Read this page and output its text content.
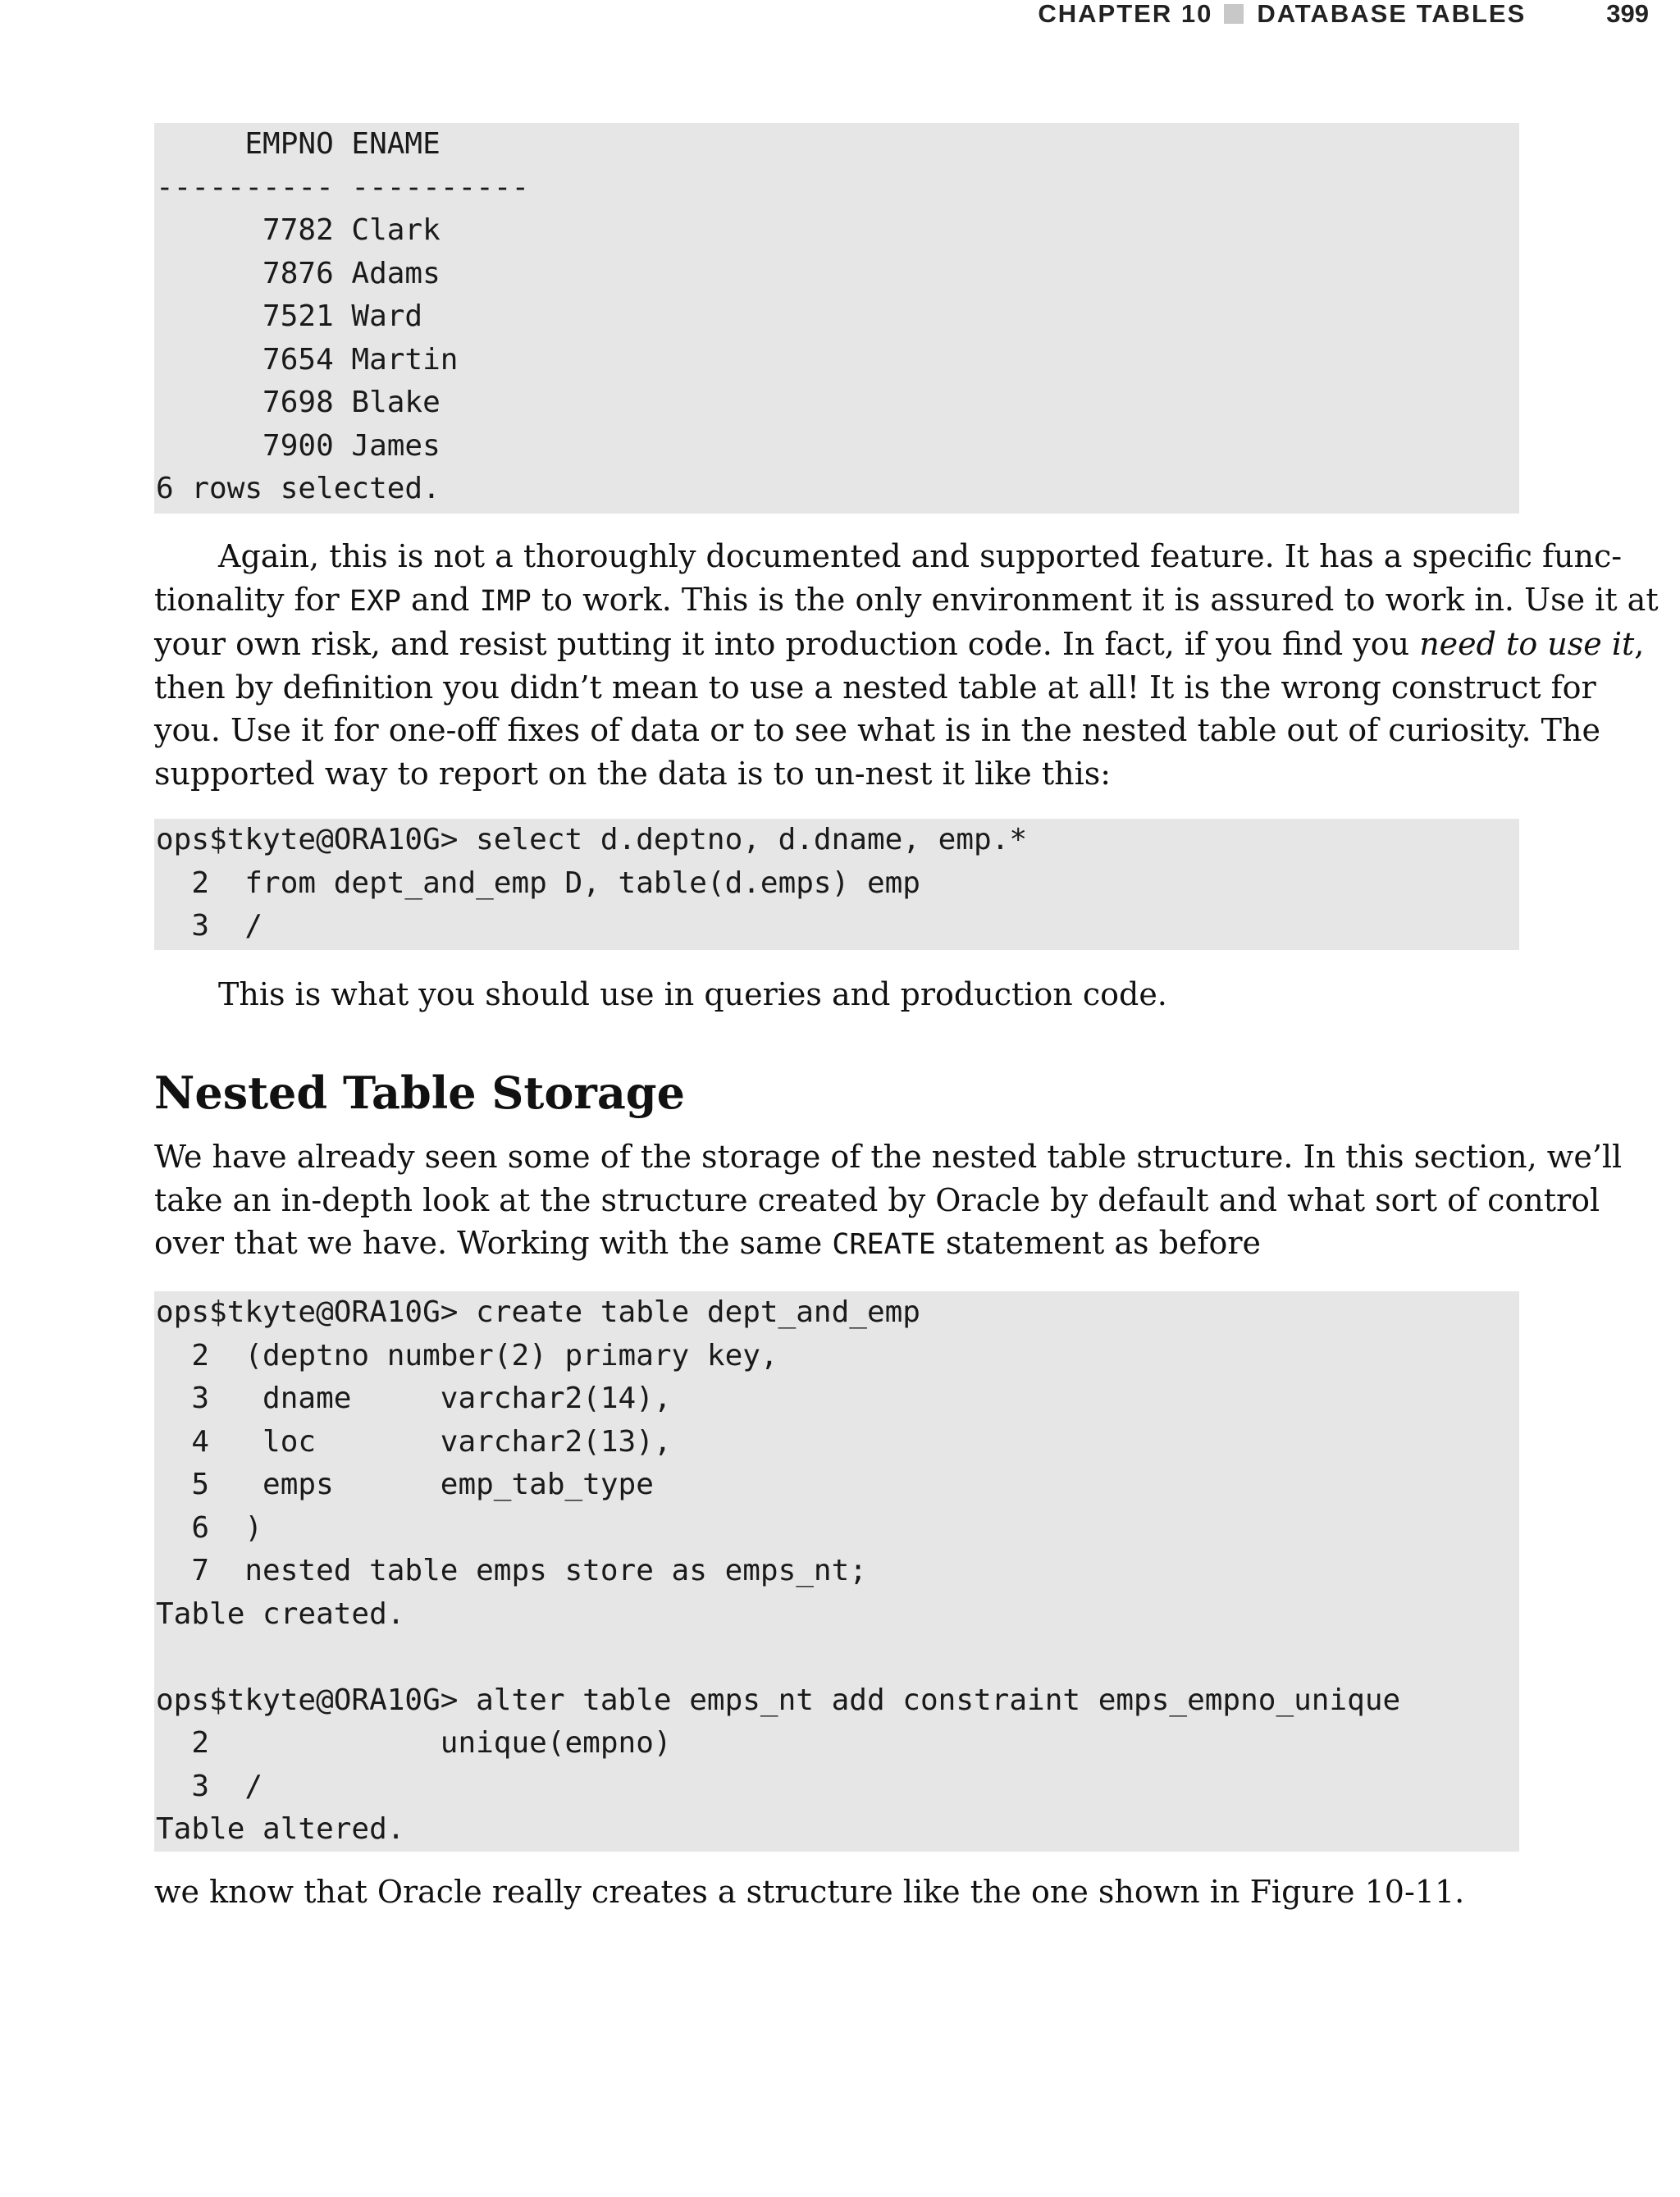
CHAPTER 10 DATABASE TABLES	399
EMPNO ENAME
---------- ----------
7782 Clark
7876 Adams
7521 Ward
7654 Martin
7698 Blake
7900 James
6 rows selected.

Again, this is not a thoroughly documented and supported feature. It has a specific func-
tionality for EXP and IMP to work. This is the only environment it is assured to work in. Use it at
your own risk, and resist putting it into production code. In fact, if you find you need to use it,
then by definition you didn’t mean to use a nested table at all! It is the wrong construct for
you. Use it for one-off fixes of data or to see what is in the nested table out of curiosity. The
supported way to report on the data is to un-nest it like this:

ops$tkyte@ORA10G> select d.deptno, d.dname, emp.*
2  from dept_and_emp D, table(d.emps) emp
3  /

This is what you should use in queries and production code.

Nested Table Storage

We have already seen some of the storage of the nested table structure. In this section, we’ll
take an in-depth look at the structure created by Oracle by default and what sort of control
over that we have. Working with the same CREATE statement as before

ops$tkyte@ORA10G> create table dept_and_emp
2  (deptno number(2) primary key,
3   dname     varchar2(14),
4   loc       varchar2(13),
5   emps      emp_tab_type
6  )
7  nested table emps store as emps_nt;
Table created.
ops$tkyte@ORA10G> alter table emps_nt add constraint emps_empno_unique
2             unique(empno)
3  /
Table altered.

we know that Oracle really creates a structure like the one shown in Figure 10-11.
